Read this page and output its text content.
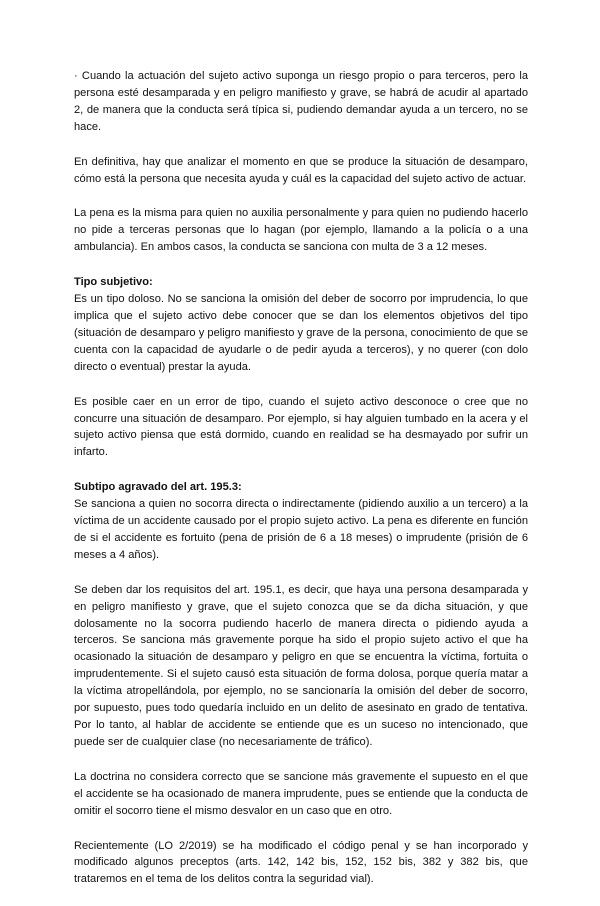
· Cuando la actuación del sujeto activo suponga un riesgo propio o para terceros, pero la persona esté desamparada y en peligro manifiesto y grave, se habrá de acudir al apartado 2, de manera que la conducta será típica si, pudiendo demandar ayuda a un tercero, no se hace.

En definitiva, hay que analizar el momento en que se produce la situación de desamparo, cómo está la persona que necesita ayuda y cuál es la capacidad del sujeto activo de actuar.

La pena es la misma para quien no auxilia personalmente y para quien no pudiendo hacerlo no pide a terceras personas que lo hagan (por ejemplo, llamando a la policía o a una ambulancia). En ambos casos, la conducta se sanciona con multa de 3 a 12 meses.

Tipo subjetivo:

Es un tipo doloso. No se sanciona la omisión del deber de socorro por imprudencia, lo que implica que el sujeto activo debe conocer que se dan los elementos objetivos del tipo (situación de desamparo y peligro manifiesto y grave de la persona, conocimiento de que se cuenta con la capacidad de ayudarle o de pedir ayuda a terceros), y no querer (con dolo directo o eventual) prestar la ayuda.

Es posible caer en un error de tipo, cuando el sujeto activo desconoce o cree que no concurre una situación de desamparo. Por ejemplo, si hay alguien tumbado en la acera y el sujeto activo piensa que está dormido, cuando en realidad se ha desmayado por sufrir un infarto.

Subtipo agravado del art. 195.3:

Se sanciona a quien no socorra directa o indirectamente (pidiendo auxilio a un tercero) a la víctima de un accidente causado por el propio sujeto activo. La pena es diferente en función de si el accidente es fortuito (pena de prisión de 6 a 18 meses) o imprudente (prisión de 6 meses a 4 años).

Se deben dar los requisitos del art. 195.1, es decir, que haya una persona desamparada y en peligro manifiesto y grave, que el sujeto conozca que se da dicha situación, y que dolosamente no la socorra pudiendo hacerlo de manera directa o pidiendo ayuda a terceros. Se sanciona más gravemente porque ha sido el propio sujeto activo el que ha ocasionado la situación de desamparo y peligro en que se encuentra la víctima, fortuita o imprudentemente. Si el sujeto causó esta situación de forma dolosa, porque quería matar a la víctima atropellándola, por ejemplo, no se sancionaría la omisión del deber de socorro, por supuesto, pues todo quedaría incluido en un delito de asesinato en grado de tentativa. Por lo tanto, al hablar de accidente se entiende que es un suceso no intencionado, que puede ser de cualquier clase (no necesariamente de tráfico).

La doctrina no considera correcto que se sancione más gravemente el supuesto en el que el accidente se ha ocasionado de manera imprudente, pues se entiende que la conducta de omitir el socorro tiene el mismo desvalor en un caso que en otro.

Recientemente (LO 2/2019) se ha modificado el código penal y se han incorporado y modificado algunos preceptos (arts. 142, 142 bis, 152, 152 bis, 382 y 382 bis, que trataremos en el tema de los delitos contra la seguridad vial).
